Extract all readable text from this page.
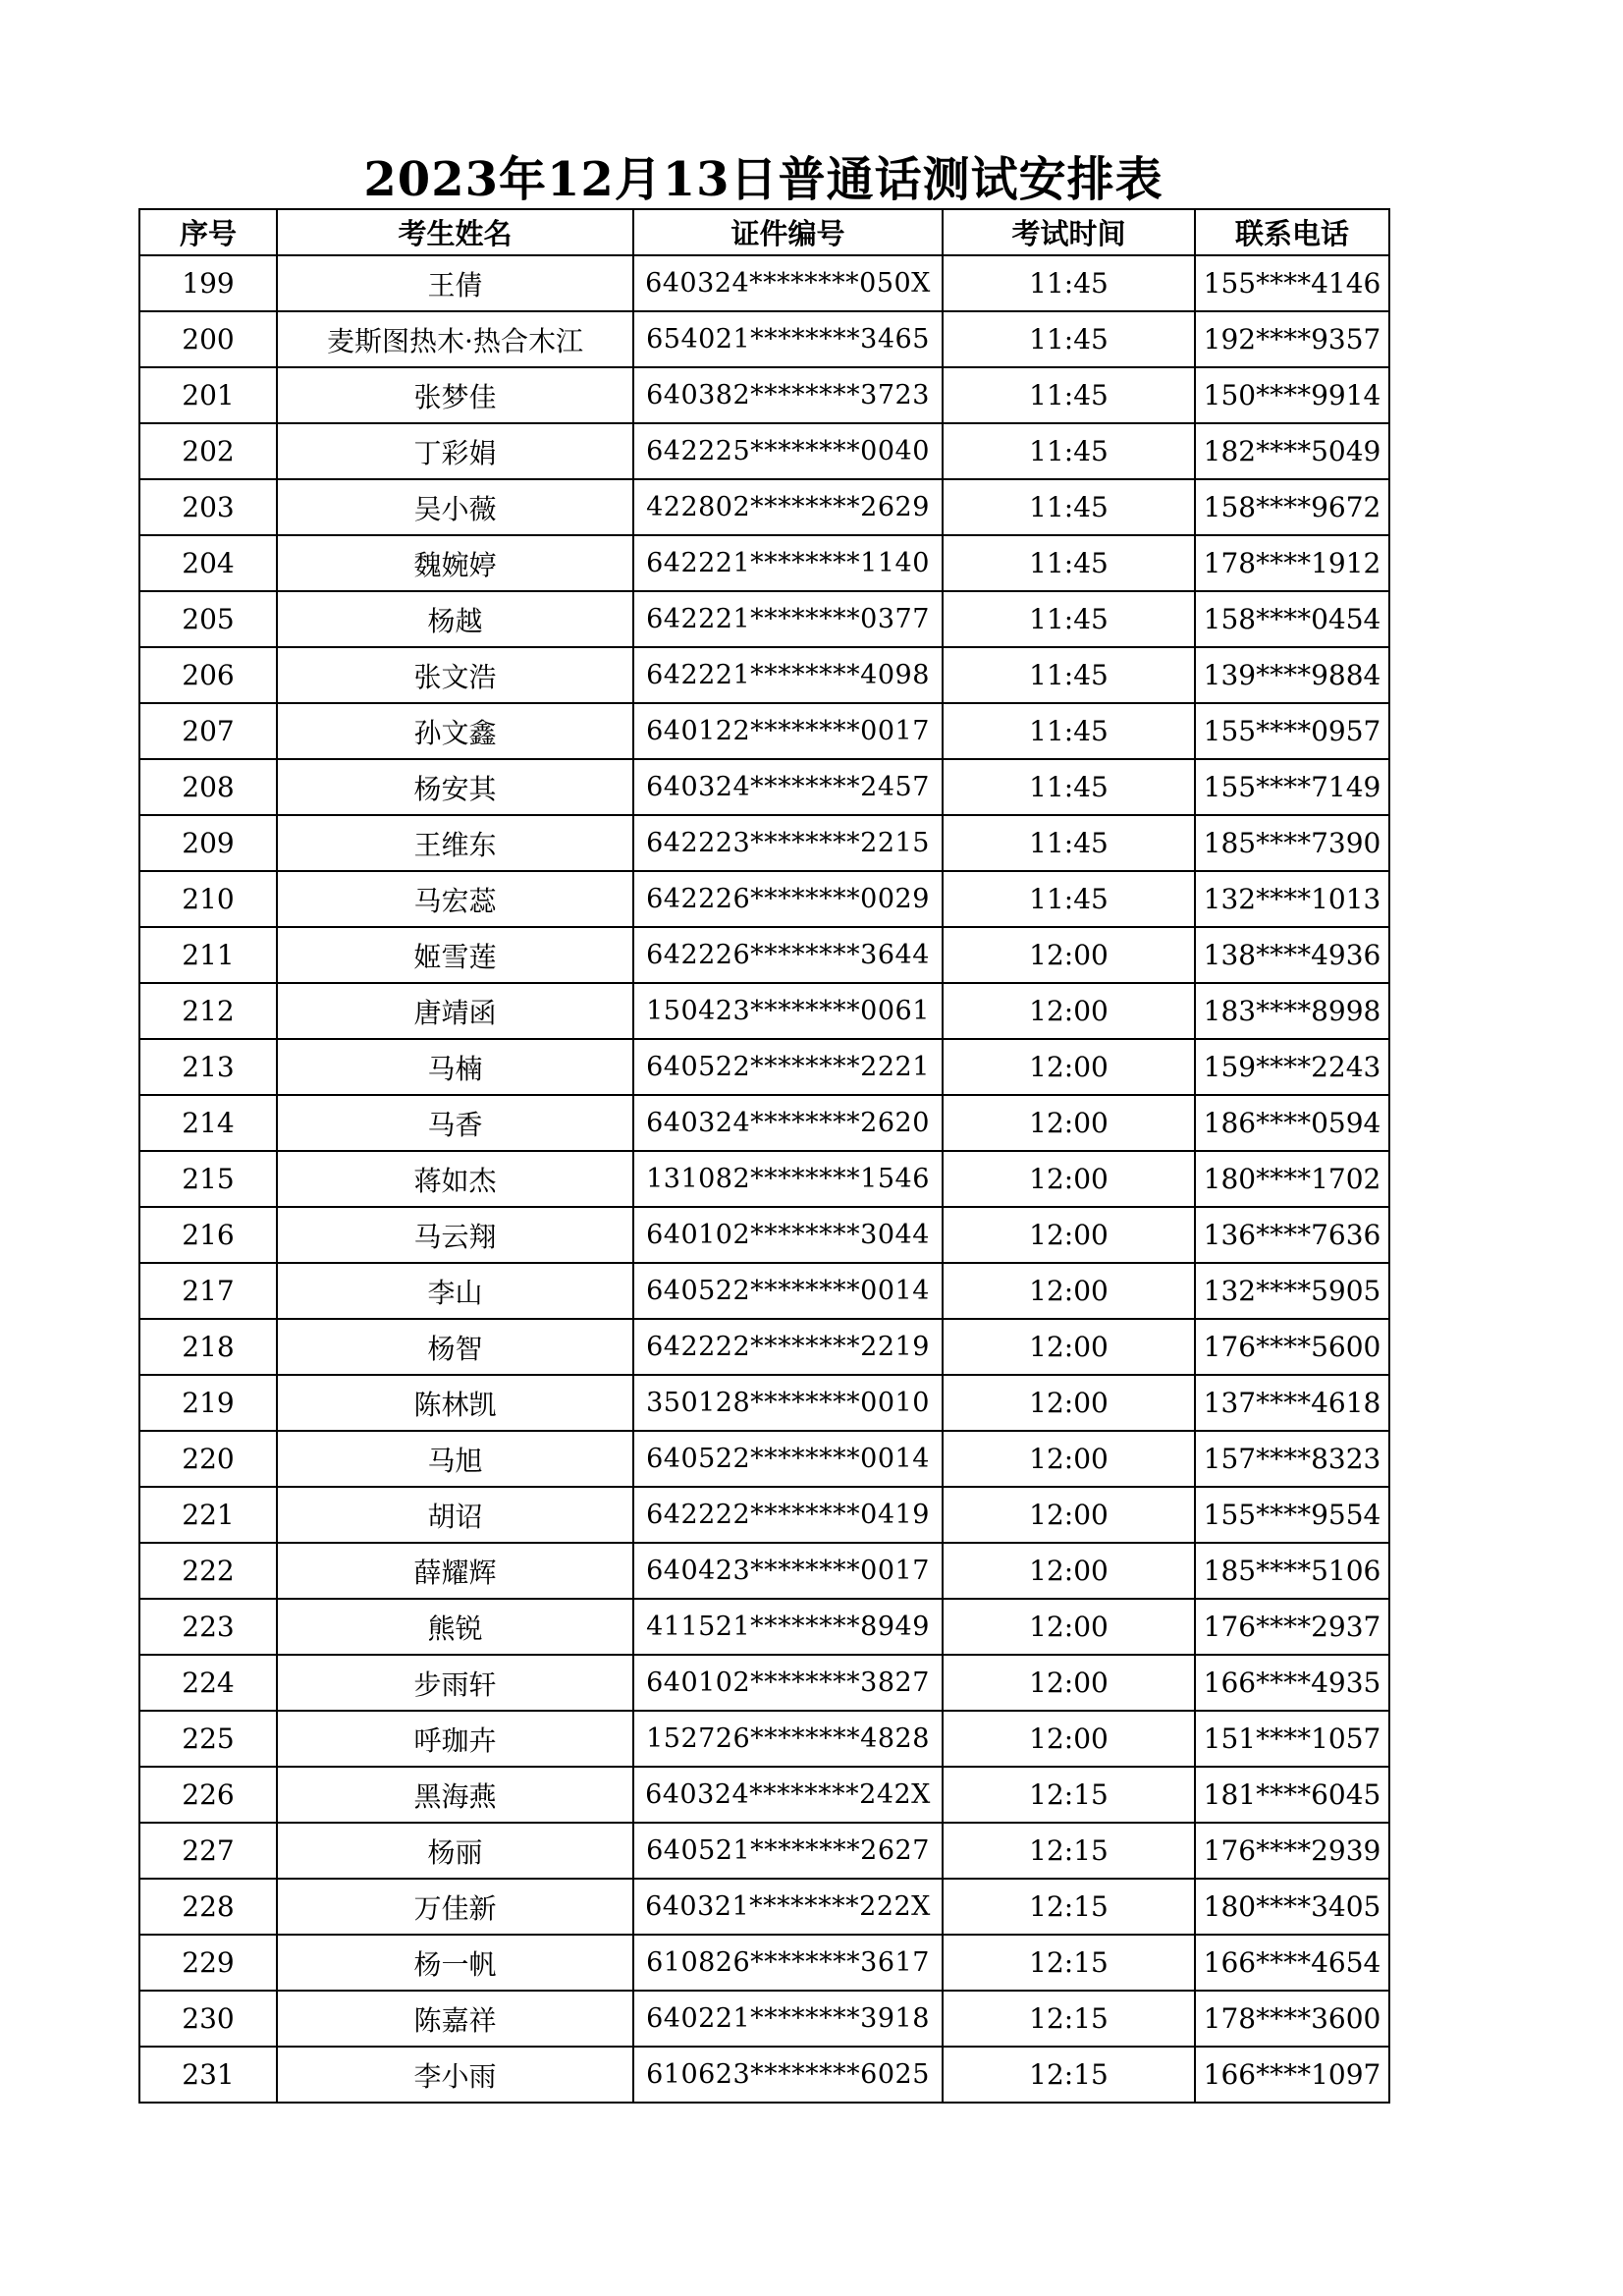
2023年12月13日普通话测试安排表
序号	考生姓名	证件编号	考试时间	联系电话
199	王倩	640324********050X	11:45	155****4146
200	麦斯图热木·热合木江	654021********3465	11:45	192****9357
201	张梦佳	640382********3723	11:45	150****9914
202	丁彩娟	642225********0040	11:45	182****5049
203	吴小薇	422802********2629	11:45	158****9672
204	魏婉婷	642221********1140	11:45	178****1912
205	杨越	642221********0377	11:45	158****0454
206	张文浩	642221********4098	11:45	139****9884
207	孙文鑫	640122********0017	11:45	155****0957
208	杨安其	640324********2457	11:45	155****7149
209	王维东	642223********2215	11:45	185****7390
210	马宏蕊	642226********0029	11:45	132****1013
211	姬雪莲	642226********3644	12:00	138****4936
212	唐靖函	150423********0061	12:00	183****8998
213	马楠	640522********2221	12:00	159****2243
214	马香	640324********2620	12:00	186****0594
215	蒋如杰	131082********1546	12:00	180****1702
216	马云翔	640102********3044	12:00	136****7636
217	李山	640522********0014	12:00	132****5905
218	杨智	642222********2219	12:00	176****5600
219	陈林凯	350128********0010	12:00	137****4618
220	马旭	640522********0014	12:00	157****8323
221	胡诏	642222********0419	12:00	155****9554
222	薛耀辉	640423********0017	12:00	185****5106
223	熊锐	411521********8949	12:00	176****2937
224	步雨轩	640102********3827	12:00	166****4935
225	呼珈卉	152726********4828	12:00	151****1057
226	黑海燕	640324********242X	12:15	181****6045
227	杨丽	640521********2627	12:15	176****2939
228	万佳新	640321********222X	12:15	180****3405
229	杨一帆	610826********3617	12:15	166****4654
230	陈嘉祥	640221********3918	12:15	178****3600
231	李小雨	610623********6025	12:15	166****1097
